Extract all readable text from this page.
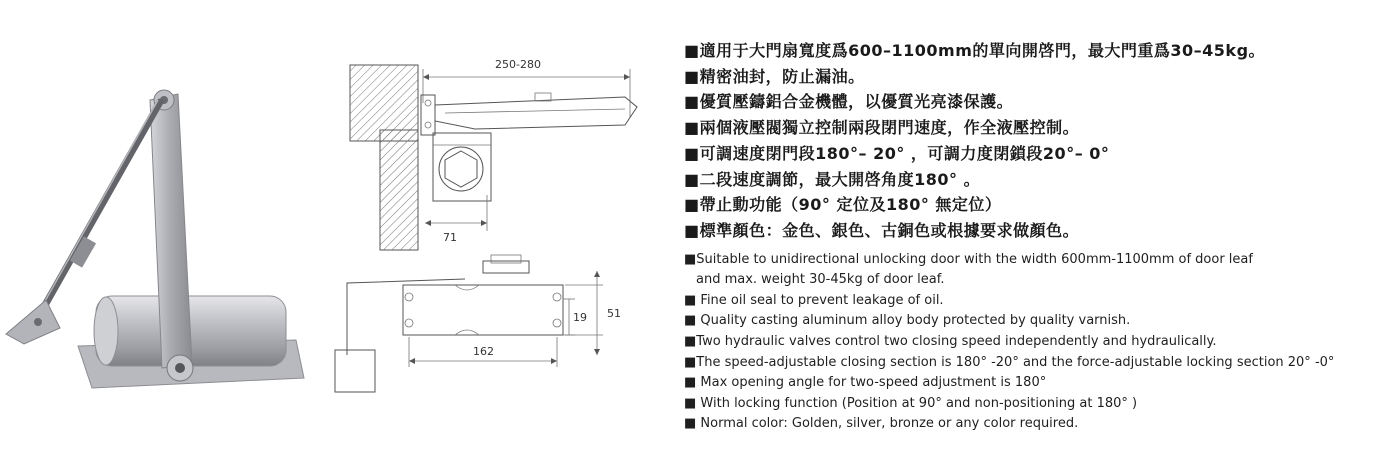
250-280
71
162
19 51
■適用于大門扇寬度爲600–1100mm的單向開啓門，最大門重爲30–45kg。
■精密油封，防止漏油。
■優質壓鑄鋁合金機體，以優質光亮漆保護。
■兩個液壓閥獨立控制兩段閉門速度，作全液壓控制。
■可調速度閉門段180°– 20° ，可調力度閉鎖段20°– 0°
■二段速度調節，最大開啓角度180° 。
■帶止動功能（90° 定位及180° 無定位）
■標準顏色：金色、銀色、古銅色或根據要求做顏色。
■Suitable to unidirectional unlocking door with the width 600mm-1100mm of door leaf
and max. weight 30-45kg of door leaf.
■ Fine oil seal to prevent leakage of oil.
■ Quality casting aluminum alloy body protected by quality varnish.
■Two hydraulic valves control two closing speed independently and hydraulically.
■The speed-adjustable closing section is 180° -20° and the force-adjustable locking section 20° -0°
■ Max opening angle for two-speed adjustment is 180°
■ With locking function (Position at 90° and non-positioning at 180° )
■ Normal color: Golden, silver, bronze or any color required.
